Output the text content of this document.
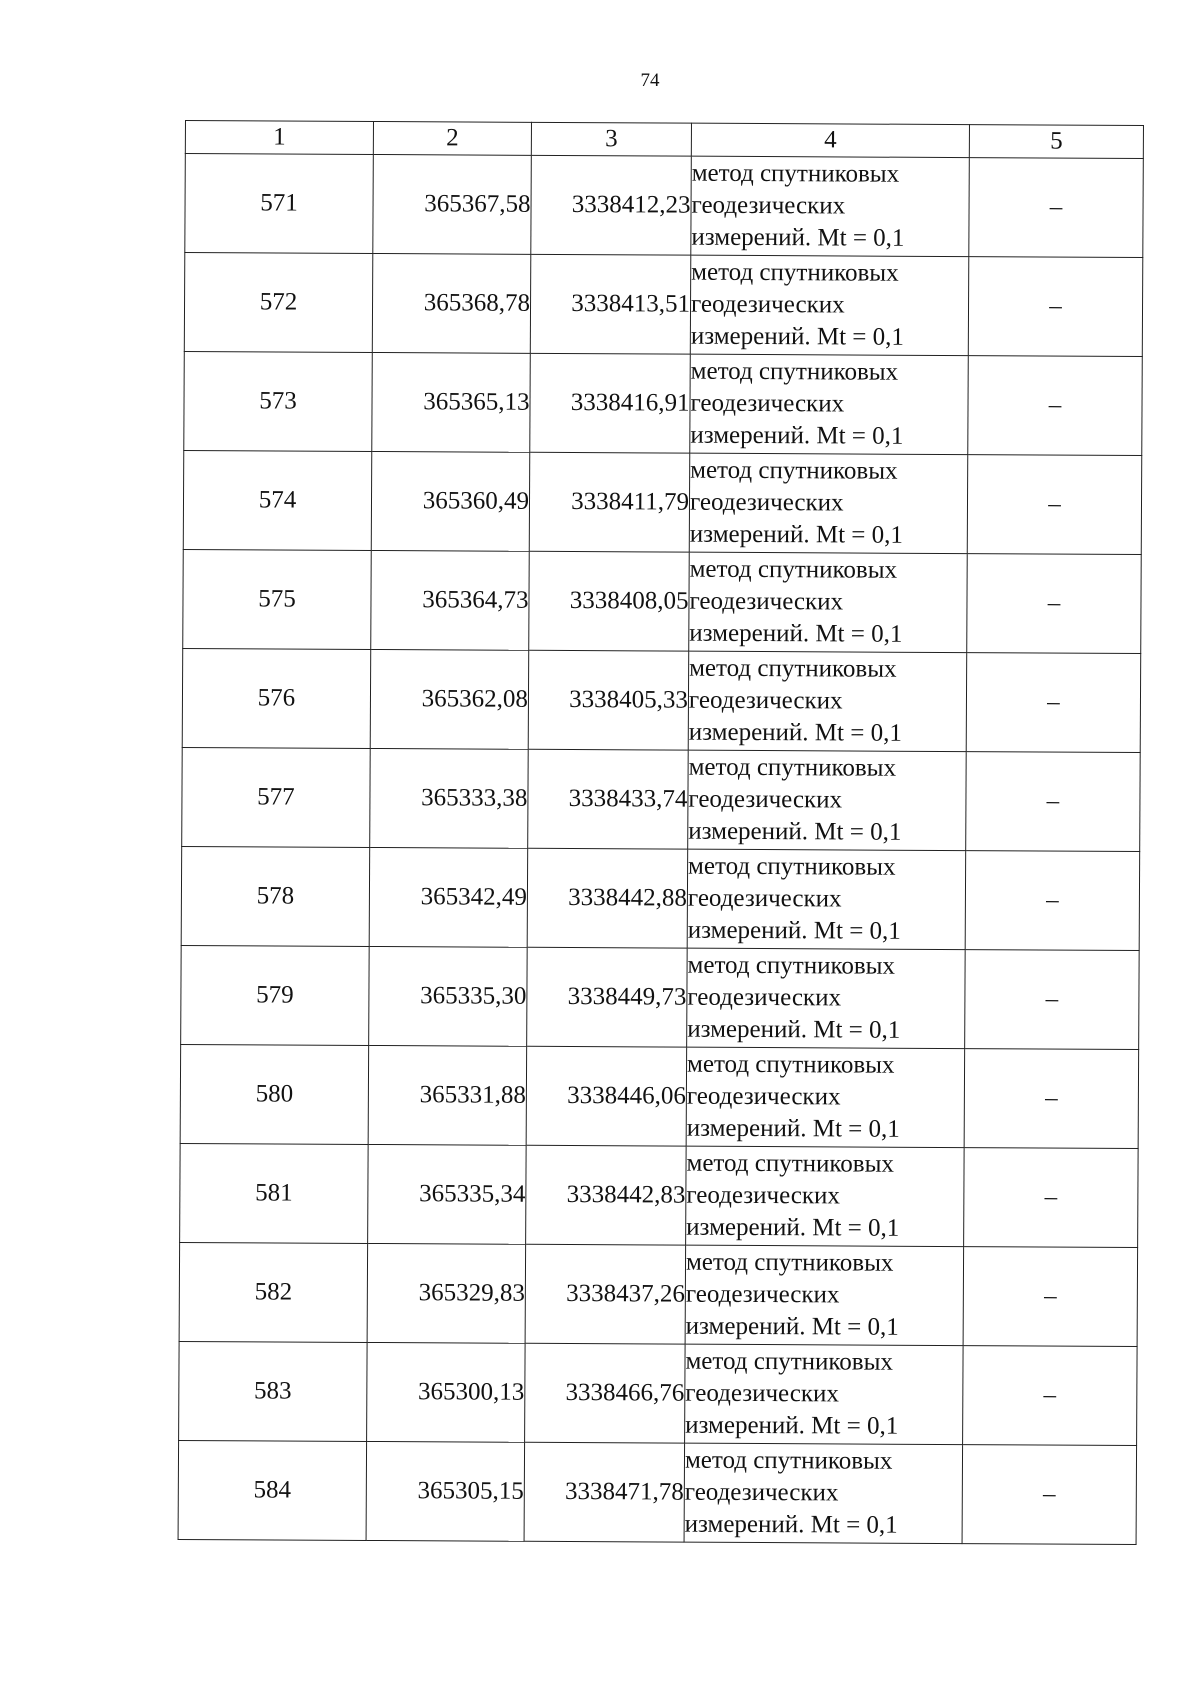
74
1	2	3	4	5
571	365367,58	3338412,23	метод спутниковых
геодезических
измерений. Mt = 0,1	–
572	365368,78	3338413,51	метод спутниковых
геодезических
измерений. Mt = 0,1	–
573	365365,13	3338416,91	метод спутниковых
геодезических
измерений. Mt = 0,1	–
574	365360,49	3338411,79	метод спутниковых
геодезических
измерений. Mt = 0,1	–
575	365364,73	3338408,05	метод спутниковых
геодезических
измерений. Mt = 0,1	–
576	365362,08	3338405,33	метод спутниковых
геодезических
измерений. Mt = 0,1	–
577	365333,38	3338433,74	метод спутниковых
геодезических
измерений. Mt = 0,1	–
578	365342,49	3338442,88	метод спутниковых
геодезических
измерений. Mt = 0,1	–
579	365335,30	3338449,73	метод спутниковых
геодезических
измерений. Mt = 0,1	–
580	365331,88	3338446,06	метод спутниковых
геодезических
измерений. Mt = 0,1	–
581	365335,34	3338442,83	метод спутниковых
геодезических
измерений. Mt = 0,1	–
582	365329,83	3338437,26	метод спутниковых
геодезических
измерений. Mt = 0,1	–
583	365300,13	3338466,76	метод спутниковых
геодезических
измерений. Mt = 0,1	–
584	365305,15	3338471,78	метод спутниковых
геодезических
измерений. Mt = 0,1	–
